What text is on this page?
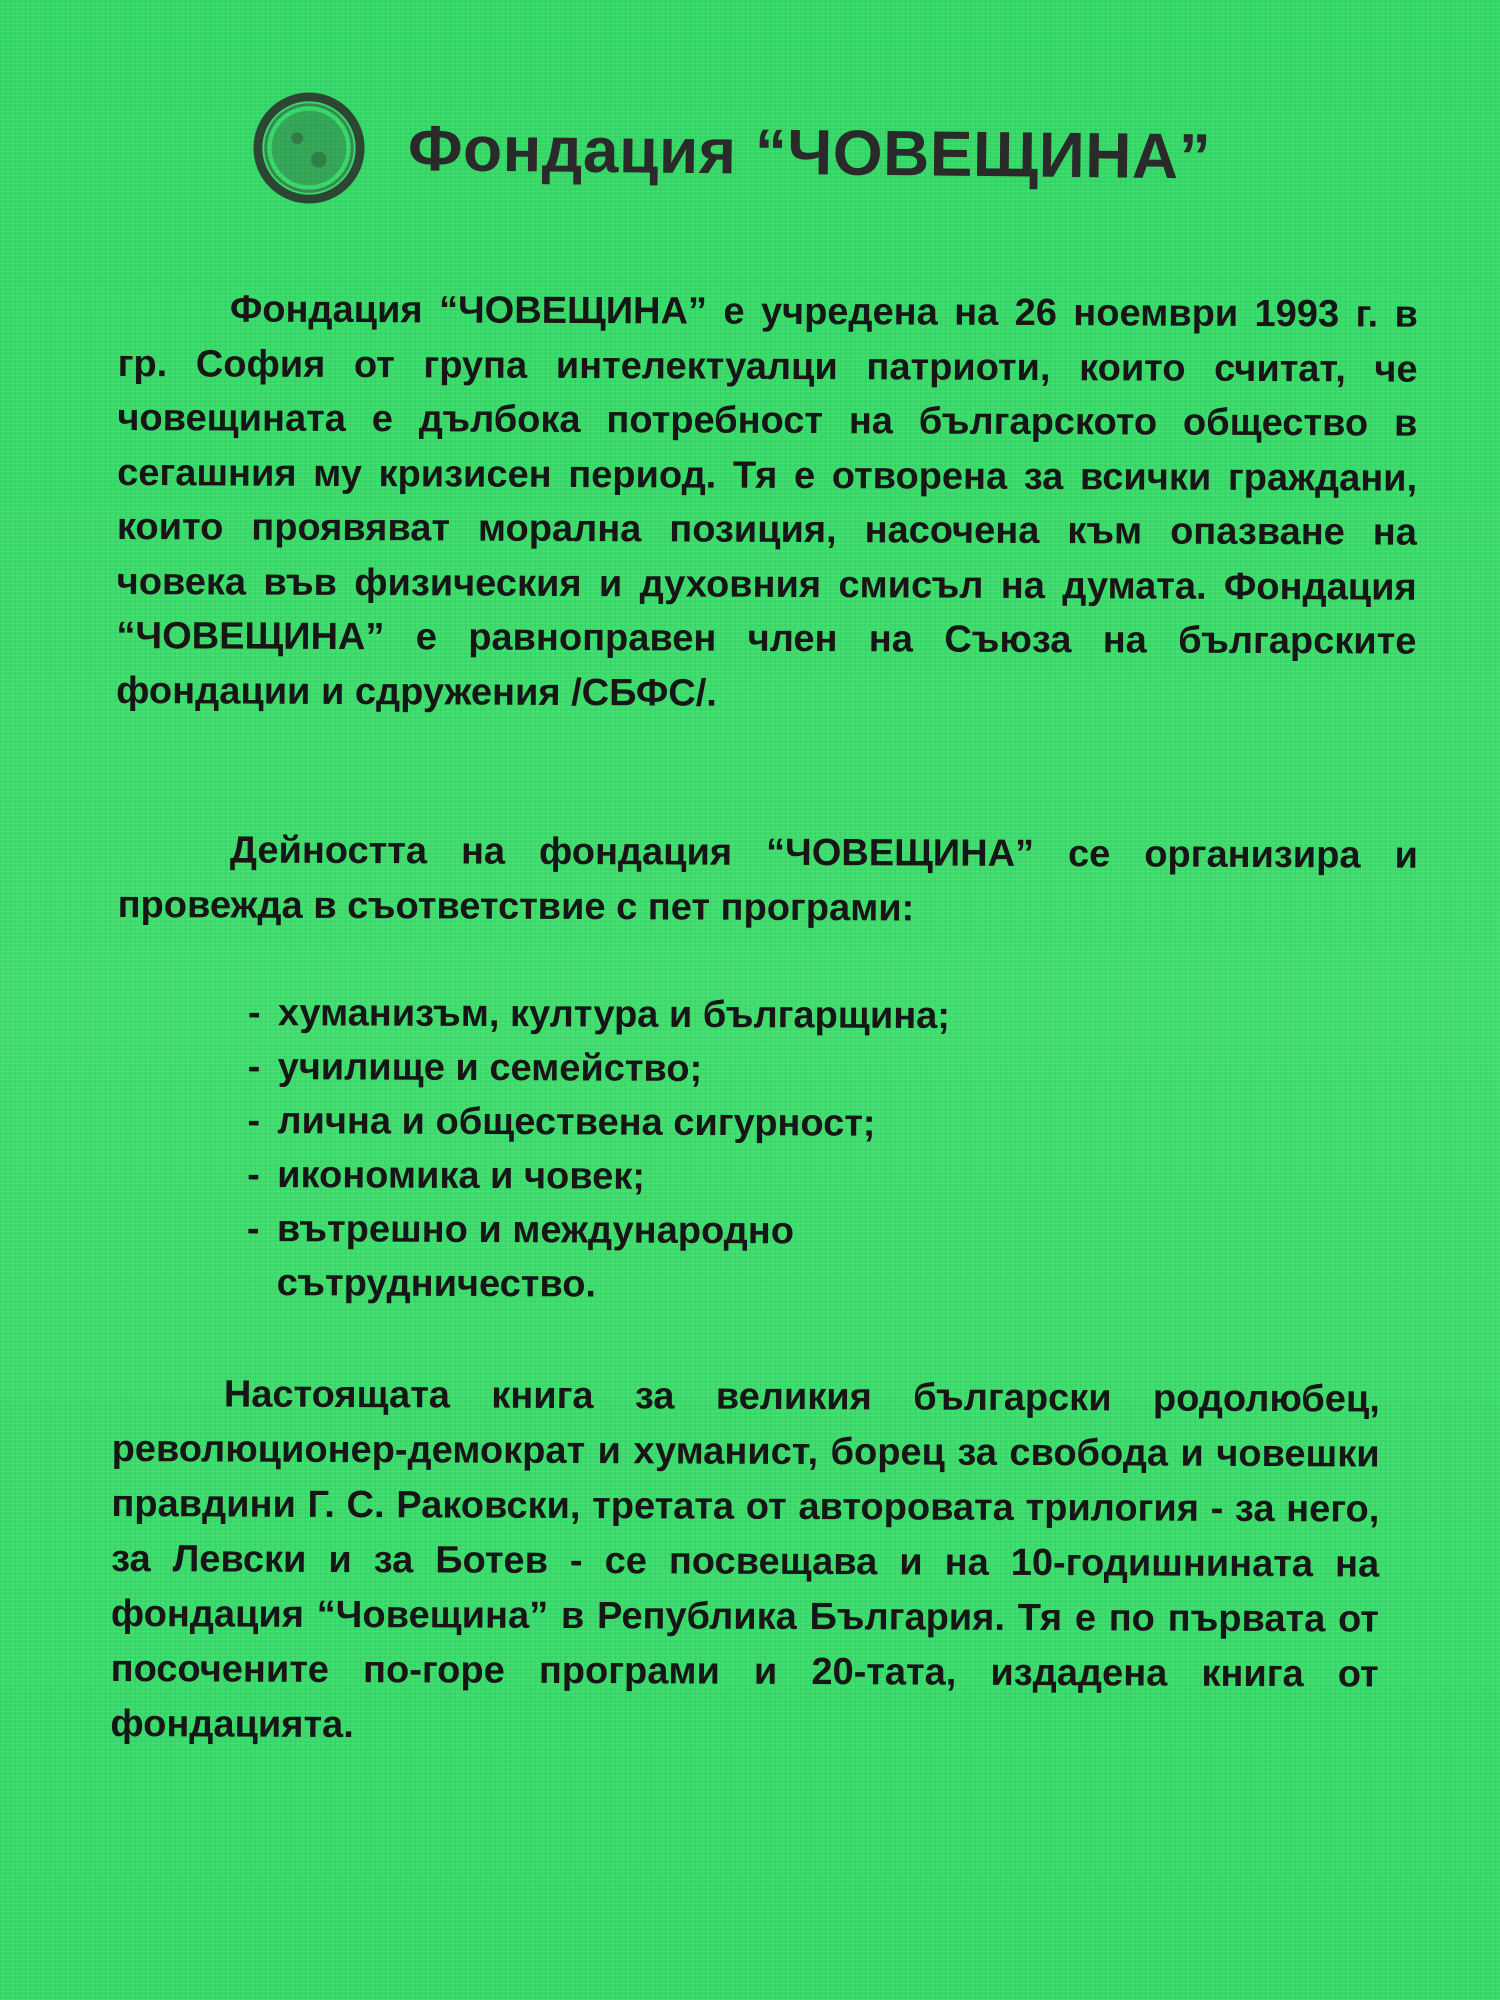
Фондация “ЧОВЕЩИНА”
Фондация “ЧОВЕЩИНА” е учредена на 26 ноември 1993 г. в гр. София от група интелектуалци патриоти, които считат, че човещината е дълбока потребност на българското общество в сегашния му кризисен период. Тя е отворена за всички граждани, които проявяват морална позиция, насочена към опазване на човека във физическия и духовния смисъл на думата. Фондация “ЧОВЕЩИНА” е равноправен член на Съюза на българските фондации и сдружения /СБФС/.
Дейността на фондация “ЧОВЕЩИНА” се организира и провежда в съответствие с пет програми:
- хуманизъм, култура и българщина;
- училище и семейство;
- лична и обществена сигурност;
- икономика и човек;
- вътрешно и международно сътрудничество.
Настоящата книга за великия български родолюбец, революционер-демократ и хуманист, борец за свобода и човешки правдини Г. С. Раковски, третата от авторовата трилогия - за него, за Левски и за Ботев - се посвещава и на 10-годишнината на фондация “Човещина” в Република България. Тя е по първата от посочените по-горе програми и 20-тата, издадена книга от фондацията.
